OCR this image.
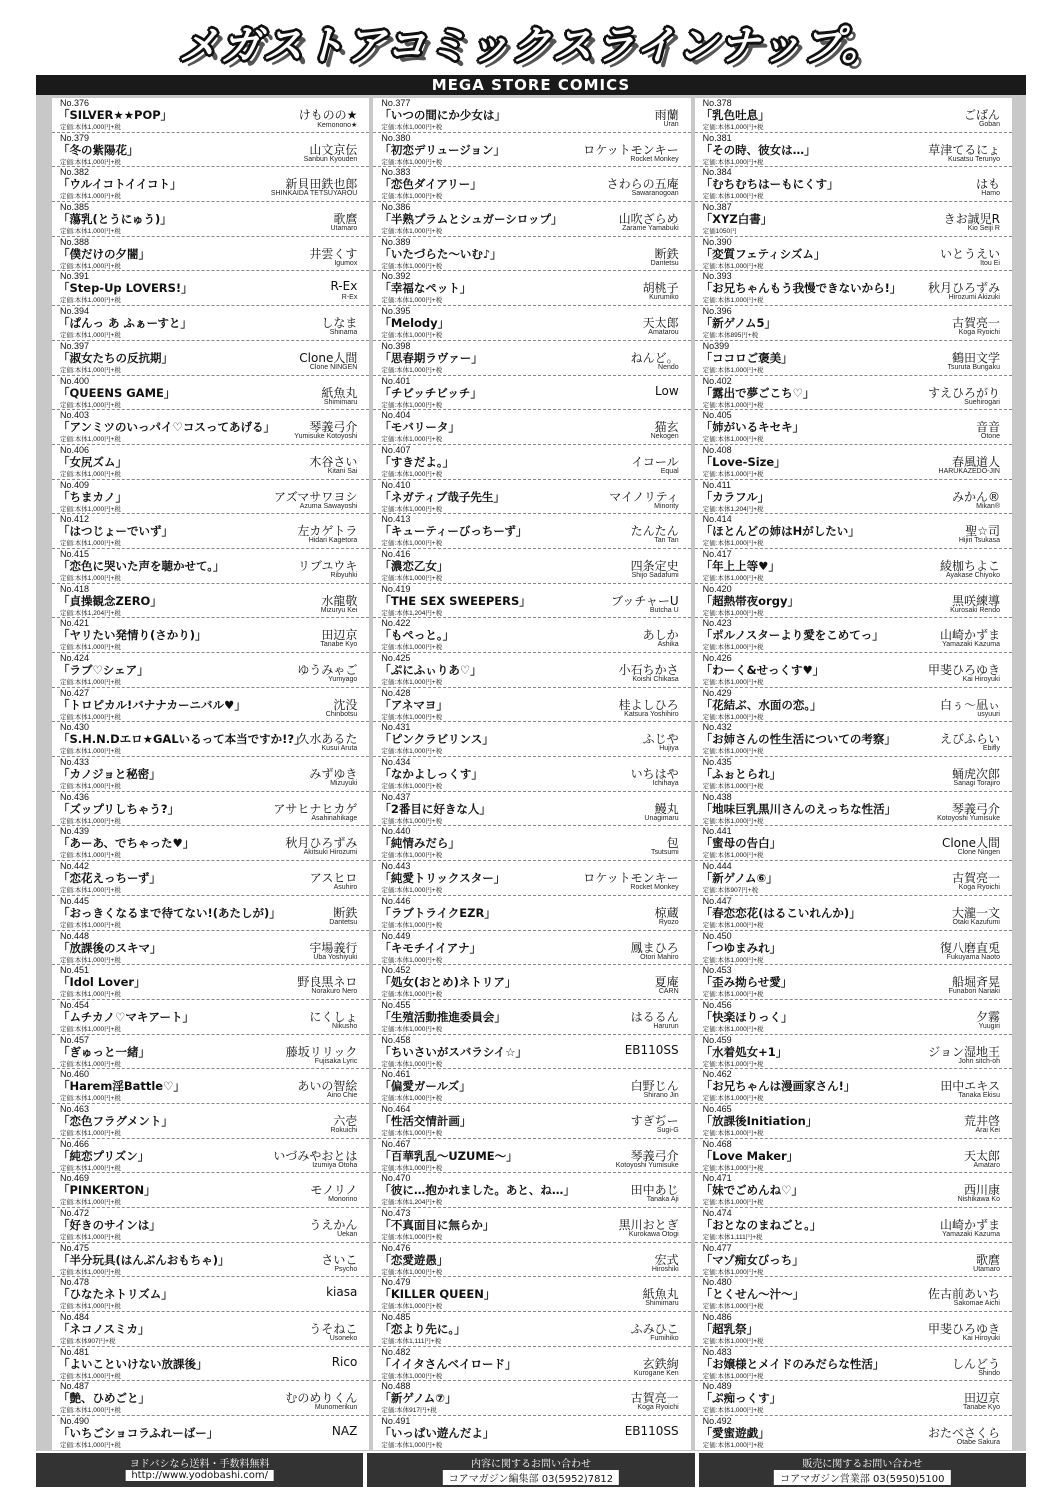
メガストアコミックスラインナップ。
MEGA STORE COMICS
No.376
「SILVER★★POP」
定価:本体1,000円+税
けものの★
Kemonono★
No.379
「冬の紫陽花」
定価:本体1,000円+税
山文京伝
Sanbun Kyouden
No.382
「ウルイコトイイコト」
定価:本体1,000円+税
新貝田鉄也郎
SHINKAIDA TETSUYAROU
No.385
「蕩乳(とうにゅう)」
定価:本体1,000円+税
歌麿
Utamaro
No.388
「僕だけの夕闇」
定価:本体1,000円+税
井雲くす
Igumox
No.391
「Step-Up LOVERS!」
定価:本体1,000円+税
R-Ex
R-Ex
No.394
「ぱんっ あ ふぁーすと」
定価:本体1,000円+税
しなま
Shinama
No.397
「淑女たちの反抗期」
定価:本体1,000円+税
Clone人間
Clone NINGEN
No.400
「QUEENS GAME」
定価:本体1,000円+税
紙魚丸
Shimimaru
No.403
「アンミツのいっパイ♡コスってあげる」
定価:本体1,000円+税
琴義弓介
Yumisuke Kotoyoshi
No.406
「女尻ズム」
定価:本体1,000円+税
木谷さい
Kitani Sai
No.409
「ちまカノ」
定価:本体1,000円+税
アズマサワヨシ
Azuma Sawayoshi
No.412
「はつじょーでいず」
定価:本体1,000円+税
左カゲトラ
Hidari Kagetora
No.415
「恋色に哭いた声を聴かせて。」
定価:本体1,000円+税
リブユウキ
Ribyuhki
No.418
「貞操観念ZERO」
定価:本体1,204円+税
水龍敬
Mizuryu Kei
No.421
「ヤリたい発情り(さかり)」
定価:本体1,000円+税
田辺京
Tanabe Kyo
No.424
「ラブ♡シェア」
定価:本体1,000円+税
ゆうみゃご
Yumyago
No.427
「トロピカル!バナナカーニバル♥」
定価:本体1,000円+税
沈没
Chinbotsu
No.430
「S.H.N.Dエロ★GALいるって本当ですか!?」
定価:本体1,000円+税
久水あるた
Kusui Aruta
No.433
「カノジョと秘密」
定価:本体1,000円+税
みずゆき
Mizuyuki
No.436
「ズップリしちゃう?」
定価:本体1,000円+税
アサヒナヒカゲ
Asahinahikage
No.439
「あーあ、でちゃった♥」
定価:本体1,000円+税
秋月ひろずみ
Akitsuki Hirozumi
No.442
「恋花えっちーず」
定価:本体1,000円+税
アスヒロ
Asuhiro
No.445
「おっきくなるまで待てない!(あたしが)」
定価:本体1,000円+税
断鉄
Dantetsu
No.448
「放課後のスキマ」
定価:本体1,000円+税
宇場義行
Uba Yoshiyuki
No.451
「Idol Lover」
定価:本体1,000円+税
野良黒ネロ
Norakuro Nero
No.454
「ムチカノ♡マキアート」
定価:本体1,000円+税
にくしょ
Nikusho
No.457
「ぎゅっと一緒」
定価:本体1,000円+税
藤坂リリック
Fujisaka Lyric
No.460
「Harem淫Battle♡」
定価:本体1,000円+税
あいの智絵
Aino Chie
No.463
「恋色フラグメント」
定価:本体1,000円+税
六壱
Rokuichi
No.466
「純恋プリズン」
定価:本体1,000円+税
いづみやおとは
Izumiya Otoha
No.469
「PINKERTON」
定価:本体1,000円+税
モノリノ
Monorino
No.472
「好きのサインは」
定価:本体1,000円+税
うえかん
Uekan
No.475
「半分玩具(はんぶんおもちゃ)」
定価:本体1,000円+税
さいこ
Psycho
No.478
「ひなたネトリズム」
定価:本体1,000円+税
kiasa
No.484
「ネコノスミカ」
定価:本体907円+税
うそねこ
Usoneko
No.481
「よいこといけない放課後」
定価:本体1,000円+税
Rico
No.487
「艶、ひめごと」
定価:本体1,000円+税
むのめりくん
Munomerikun
No.490
「いちごショコラふれーばー」
定価:本体1,000円+税
NAZ
No.377
「いつの間にか少女は」
定価:本体1,000円+税
雨蘭
Uran
No.380
「初恋デリュージョン」
定価:本体1,000円+税
ロケットモンキー
Rocket Monkey
No.383
「恋色ダイアリー」
定価:本体1,000円+税
さわらの五庵
Sawaranogoan
No.386
「半熟プラムとシュガーシロップ」
定価:本体1,000円+税
山吹ざらめ
Zarame Yamabuki
No.389
「いたづらた〜いむ♪」
定価:本体1,000円+税
断鉄
Dantetsu
No.392
「幸福なペット」
定価:本体1,000円+税
胡桃子
Kurumiko
No.395
「Melody」
定価:本体1,000円+税
天太郎
Amatarou
No.398
「思春期ラヴァー」
定価:本体1,000円+税
ねんど。
Nendo
No.401
「チビッチビッチ」
定価:本体1,000円+税
Low
No.404
「モバリータ」
定価:本体1,000円+税
猫玄
Nekogen
No.407
「すきだよ。」
定価:本体1,000円+税
イコール
Equal
No.410
「ネガティブ哉子先生」
定価:本体1,000円+税
マイノリティ
Minority
No.413
「キューティーびっちーず」
定価:本体1,000円+税
たんたん
Tan Tan
No.416
「濃恋乙女」
定価:本体1,000円+税
四条定史
Shijo Sadafumi
No.419
「THE SEX SWEEPERS」
定価:本体1,204円+税
ブッチャーU
Butcha U
No.422
「もぺっと。」
定価:本体1,000円+税
あしか
Ashika
No.425
「ぷにふぃりあ♡」
定価:本体1,000円+税
小石ちかさ
Koishi Chikasa
No.428
「アネマヨ」
定価:本体1,000円+税
桂よしひろ
Katsura Yoshihiro
No.431
「ピンクラビリンス」
定価:本体1,000円+税
ふじや
Hujiya
No.434
「なかよしっくす」
定価:本体1,000円+税
いちはや
Ichihaya
No.437
「2番目に好きな人」
定価:本体1,000円+税
鰻丸
Unagimaru
No.440
「純情みだら」
定価:本体1,000円+税
包
Tsutsumi
No.443
「純愛トリックスター」
定価:本体1,000円+税
ロケットモンキー
Rocket Monkey
No.446
「ラブトライクEZR」
定価:本体1,000円+税
椋蔵
Ryozo
No.449
「キモチイイアナ」
定価:本体1,000円+税
鳳まひろ
Otori Mahiro
No.452
「処女(おとめ)ネトリア」
定価:本体1,000円+税
夏庵
CARN
No.455
「生殖活動推進委員会」
定価:本体1,000円+税
はるるん
Harurun
No.458
「ちいさいがスバラシイ☆」
定価:本体1,000円+税
EB110SS
No.461
「偏愛ガールズ」
定価:本体1,000円+税
白野じん
Shirano Jin
No.464
「性活交情計画」
定価:本体1,000円+税
すぎぢー
Sugi-G
No.467
「百華乳乱〜UZUME〜」
定価:本体1,000円+税
琴義弓介
Kotoyoshi Yumisuke
No.470
「彼に…抱かれました。あと、ね…」
定価:本体1,204円+税
田中あじ
Tanaka Aji
No.473
「不真面目に無らか」
定価:本体1,000円+税
黒川おとぎ
Kurokawa Otogi
No.476
「恋愛遊愚」
定価:本体1,000円+税
宏式
Hiroshiki
No.479
「KILLER QUEEN」
定価:本体1,000円+税
紙魚丸
Shimimaru
No.485
「恋より先に。」
定価:本体1,111円+税
ふみひこ
Fumihiko
No.482
「イイタさんベイロード」
定価:本体1,000円+税
玄鉄絢
Kurogane Ken
No.488
「新ゲノム⑦」
定価:本体917円+税
古賀亮一
Koga Ryoichi
No.491
「いっぱい遊んだよ」
定価:本体1,000円+税
EB110SS
No.378
「乳色吐息」
定価:本体1,000円+税
ごばん
Goban
No.381
「その時、彼女は…」
定価:本体1,000円+税
草津てるにょ
Kusatsu Terunyo
No.384
「むちむちはーもにくす」
定価:本体1,000円+税
はも
Hamo
No.387
「XYZ白書」
定価1050円
きお誠児R
Kio Seiji R
No.390
「変質フェティシズム」
定価:本体1,000円+税
いとうえい
Itou Ei
No.393
「お兄ちゃんもう我慢できないから!」
定価:本体1,000円+税
秋月ひろずみ
Hirozumi Akizuki
No.396
「新ゲノム5」
定価:本体895円+税
古賀亮一
Koga Ryoichi
No399
「ココロご褒美」
定価:本体1,000円+税
鶴田文学
Tsuruta Bungaku
No.402
「露出で夢ごこち♡」
定価:本体1,000円+税
すえひろがり
Suehirogari
No.405
「姉がいるキセキ」
定価:本体1,000円+税
音音
Otone
No.408
「Love-Size」
定価:本体1,000円+税
春風道人
HARUKAZEDO-JIN
No.411
「カラフル」
定価:本体1,204円+税
みかん®
Mikan®
No.414
「ほとんどの姉はHがしたい」
定価:本体1,000円+税
聖☆司
Hijiri Tsukasa
No.417
「年上上等♥」
定価:本体1,000円+税
綾枷ちよこ
Ayakase Chiyoko
No.420
「超熱帯夜orgy」
定価:本体1,000円+税
黒咲練導
Kurosaki Rendo
No.423
「ポルノスターより愛をこめてっ」
定価:本体1,000円+税
山崎かずま
Yamazaki Kazuma
No.426
「わーく&せっくす♥」
定価:本体1,000円+税
甲斐ひろゆき
Kai Hiroyuki
No.429
「花結ぶ、水面の恋。」
定価:本体1,000円+税
白ぅ〜凪ぃ
usyuuri
No.432
「お姉さんの性生活についての考察」
定価:本体1,000円+税
えびふらい
Ebifly
No.435
「ふぉとられ」
定価:本体1,000円+税
蛹虎次郎
Sanagi Torajiro
No.438
「地味巨乳黒川さんのえっちな性活」
定価:本体1,000円+税
琴義弓介
Kotoyoshi Yumisuke
No.441
「蜜母の告白」
定価:本体1,000円+税
Clone人間
Clone Ningen
No.444
「新ゲノム⑥」
定価:本体907円+税
古賀亮一
Koga Ryoichi
No.447
「春恋恋花(はるこいれんか)」
定価:本体1,000円+税
大瀧一文
Otaki Kazufumi
No.450
「つゆまみれ」
定価:本体1,000円+税
復八磨直兎
Fukuyama Naoto
No.453
「歪み拗らせ愛」
定価:本体1,000円+税
船堀斉晃
Funabori Nariaki
No.456
「快楽ほりっく」
定価:本体1,000円+税
夕霧
Yuugiri
No.459
「水着処女+1」
定価:本体1,000円+税
ジョン湿地王
John sitch-oh
No.462
「お兄ちゃんは漫画家さん!」
定価:本体1,000円+税
田中エキス
Tanaka Ekisu
No.465
「放課後Initiation」
定価:本体1,000円+税
荒井啓
Arai Kei
No.468
「Love Maker」
定価:本体1,000円+税
天太郎
Amataro
No.471
「妹でごめんね♡」
定価:本体1,000円+税
西川康
Nishikawa Ko
No.474
「おとなのまねごと。」
定価:本体1,111円+税
山崎かずま
Yamazaki Kazuma
No.477
「マゾ痴女びっち」
定価:本体1,000円+税
歌麿
Utamaro
No.480
「とくせん〜汁〜」
定価:本体1,000円+税
佐古前あいち
Sakomae Aichi
No.486
「超乳祭」
定価:本体1,000円+税
甲斐ひろゆき
Kai Hiroyuki
No.483
「お嬢様とメイドのみだらな性活」
定価:本体1,000円+税
しんどう
Shindo
No.489
「ぷ痴っくす」
定価:本体1,000円+税
田辺京
Tanabe Kyo
No.492
「愛蜜遊戯」
定価:本体1,000円+税
おたべさくら
Otabe Sakura
ヨドバシなら送料・手数料無料
http://www.yodobashi.com/
内容に関するお問い合わせ
コアマガジン編集部 03(5952)7812
販売に関するお問い合わせ
コアマガジン営業部 03(5950)5100
